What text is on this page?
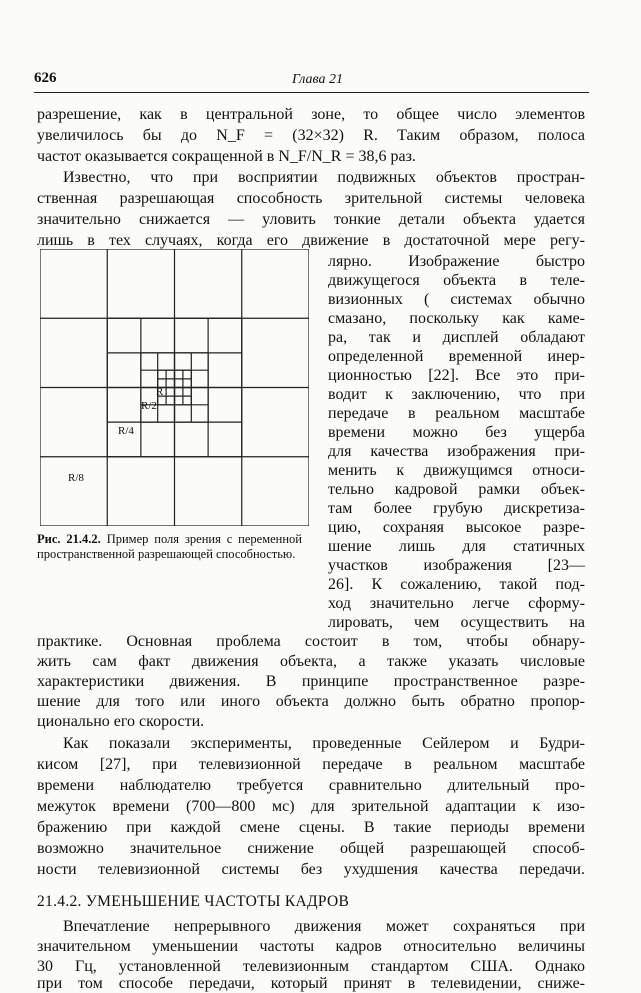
626	Глава 21
разрешение, как в центральной зоне, то общее число элементов
увеличилось бы до N_F = (32×32) R. Таким образом, полоса
частот оказывается сокращенной в N_F/N_R = 38,6 раз.
Известно, что при восприятии подвижных объектов простран-
ственная разрешающая способность зрительной системы человека
значительно снижается — уловить тонкие детали объекта удается
лишь в тех случаях, когда его движение в достаточной мере регу-
лярно. Изображение быстро
движущегося объекта в теле-
визионных ( системах обычно
смазано, поскольку как каме-
ра, так и дисплей обладают
определенной временной инер-
ционностью [22]. Все это при-
водит к заключению, что при
передаче в реальном масштабе
времени можно без ущерба
для качества изображения при-
менить к движущимся относи-
тельно кадровой рамки объек-
там более грубую дискретиза-
цию, сохраняя высокое разре-
шение лишь для статичных
участков изображения [23—
26]. К сожалению, такой под-
ход значительно легче сформу-
лировать, чем осуществить на
R/8
R/4
R/2
R
Рис. 21.4.2. Пример поля зрения с переменной пространственной разрешающей способностью.
практике. Основная проблема состоит в том, чтобы обнару-
жить сам факт движения объекта, а также указать числовые
характеристики движения. В принципе пространственное разре-
шение для того или иного объекта должно быть обратно пропор-
ционально его скорости.
Как показали эксперименты, проведенные Сейлером и Будри-
кисом [27], при телевизионной передаче в реальном масштабе
времени наблюдателю требуется сравнительно длительный про-
межуток времени (700—800 мс) для зрительной адаптации к изо-
бражению при каждой смене сцены. В такие периоды времени
возможно значительное снижение общей разрешающей способ-
ности телевизионной системы без ухудшения качества передачи.
21.4.2. УМЕНЬШЕНИЕ ЧАСТОТЫ КАДРОВ
Впечатление непрерывного движения может сохраняться при
значительном уменьшении частоты кадров относительно величины
30 Гц, установленной телевизионным стандартом США. Однако
при том способе передачи, который принят в телевидении, сниже-
